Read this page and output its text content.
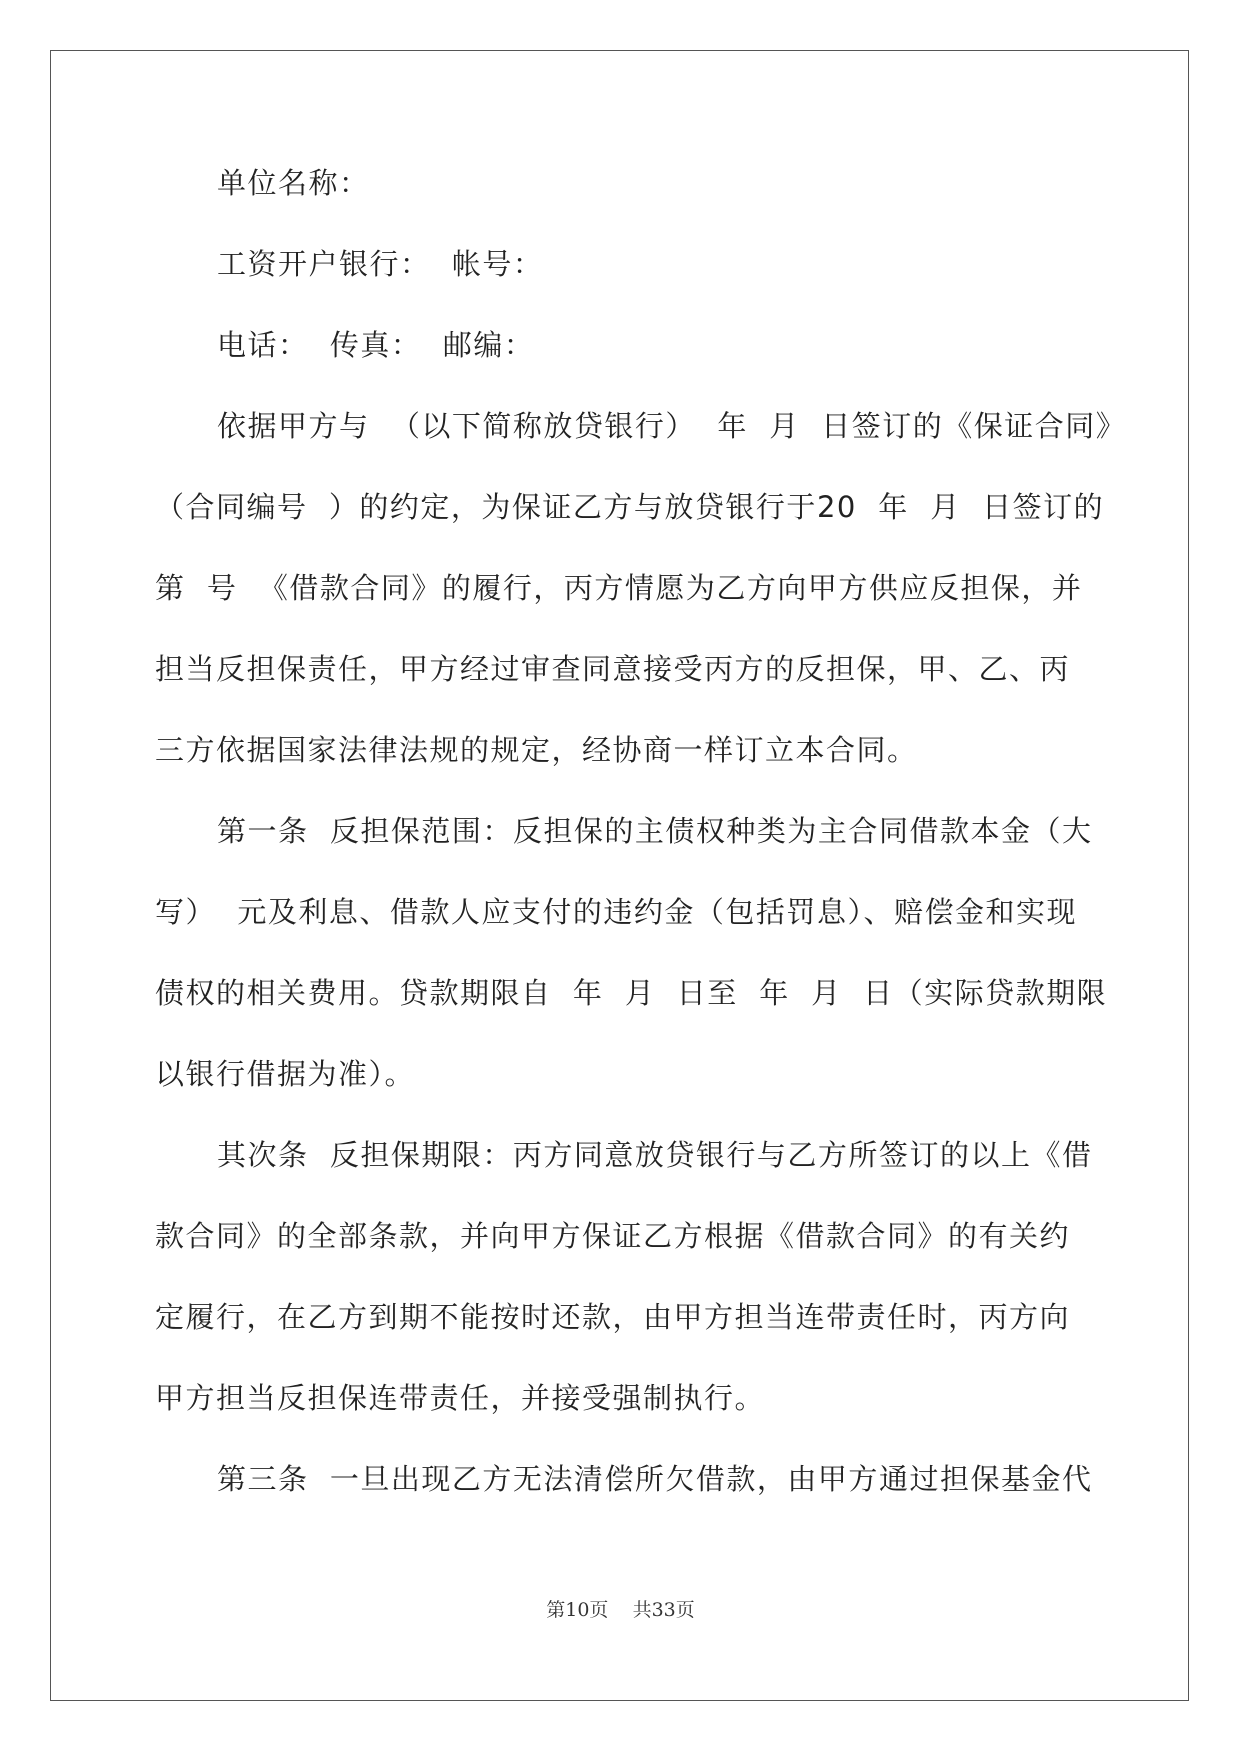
单位名称：
工资开户银行：  帐号：
电话：  传真：  邮编：
依据甲方与  （以下简称放贷银行）  年  月  日签订的《保证合同》
（合同编号  ）的约定，为保证乙方与放贷银行于20  年  月  日签订的
第  号  《借款合同》的履行，丙方情愿为乙方向甲方供应反担保，并
担当反担保责任，甲方经过审查同意接受丙方的反担保，甲、乙、丙
三方依据国家法律法规的规定，经协商一样订立本合同。
第一条  反担保范围：反担保的主债权种类为主合同借款本金（大
写）  元及利息、借款人应支付的违约金（包括罚息）、赔偿金和实现
债权的相关费用。贷款期限自  年  月  日至  年  月  日（实际贷款期限
以银行借据为准）。
其次条  反担保期限：丙方同意放贷银行与乙方所签订的以上《借
款合同》的全部条款，并向甲方保证乙方根据《借款合同》的有关约
定履行，在乙方到期不能按时还款，由甲方担当连带责任时，丙方向
甲方担当反担保连带责任，并接受强制执行。
第三条  一旦出现乙方无法清偿所欠借款，由甲方通过担保基金代
第10页    共33页
